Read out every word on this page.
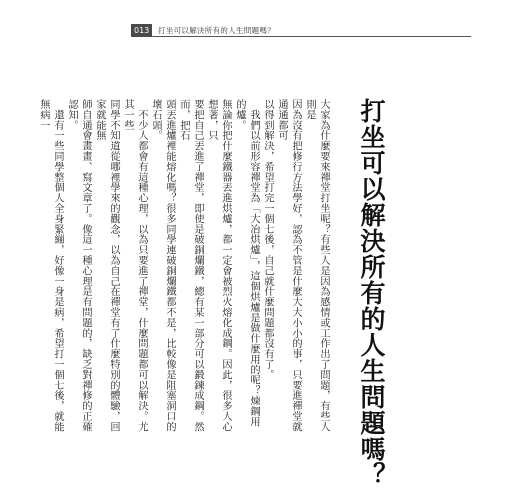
013	打坐可以解決所有的人生問題嗎？
打坐可以解決所有的人生問題嗎？

大家為什麼要來禪堂打坐呢？有些人是因為感情或工作出了問題，有些人則是

因為沒有把修行方法學好，認為不管是什麼大大小小的事，只要進禪堂就通通都可

以得到解決，希望打完一個七後，自己就什麼問題都沒有了。

　我們以前形容禪堂為「大冶烘爐」，這個烘爐是做什麼用的呢？煉鋼用的爐。

無論你把什麼鐵器丟進烘爐，都一定會被烈火熔化成鋼。因此，很多人心想著，只

要把自己丟進了禪堂，即使是破銅爛鐵，總有某一部分可以鍛鍊成鋼。然而，把石

頭丟進爐裡能熔化嗎？很多同學連破銅爛鐵都不是，比較像是阻塞洞口的壞石頭。

　不少人都會有這種心理，以為只要進了禪堂，什麼問題都可以解決。尤其一些

同學不知道從哪裡學來的觀念，以為自己在禪堂有了什麼特別的體驗，回家就能無

師自通會畫畫、寫文章了。像這一種心理是有問題的，缺乏對禪修的正確認知。

　還有一些同學整個人全身緊繃，好像一身是病，希望打一個七後，就能無病一
